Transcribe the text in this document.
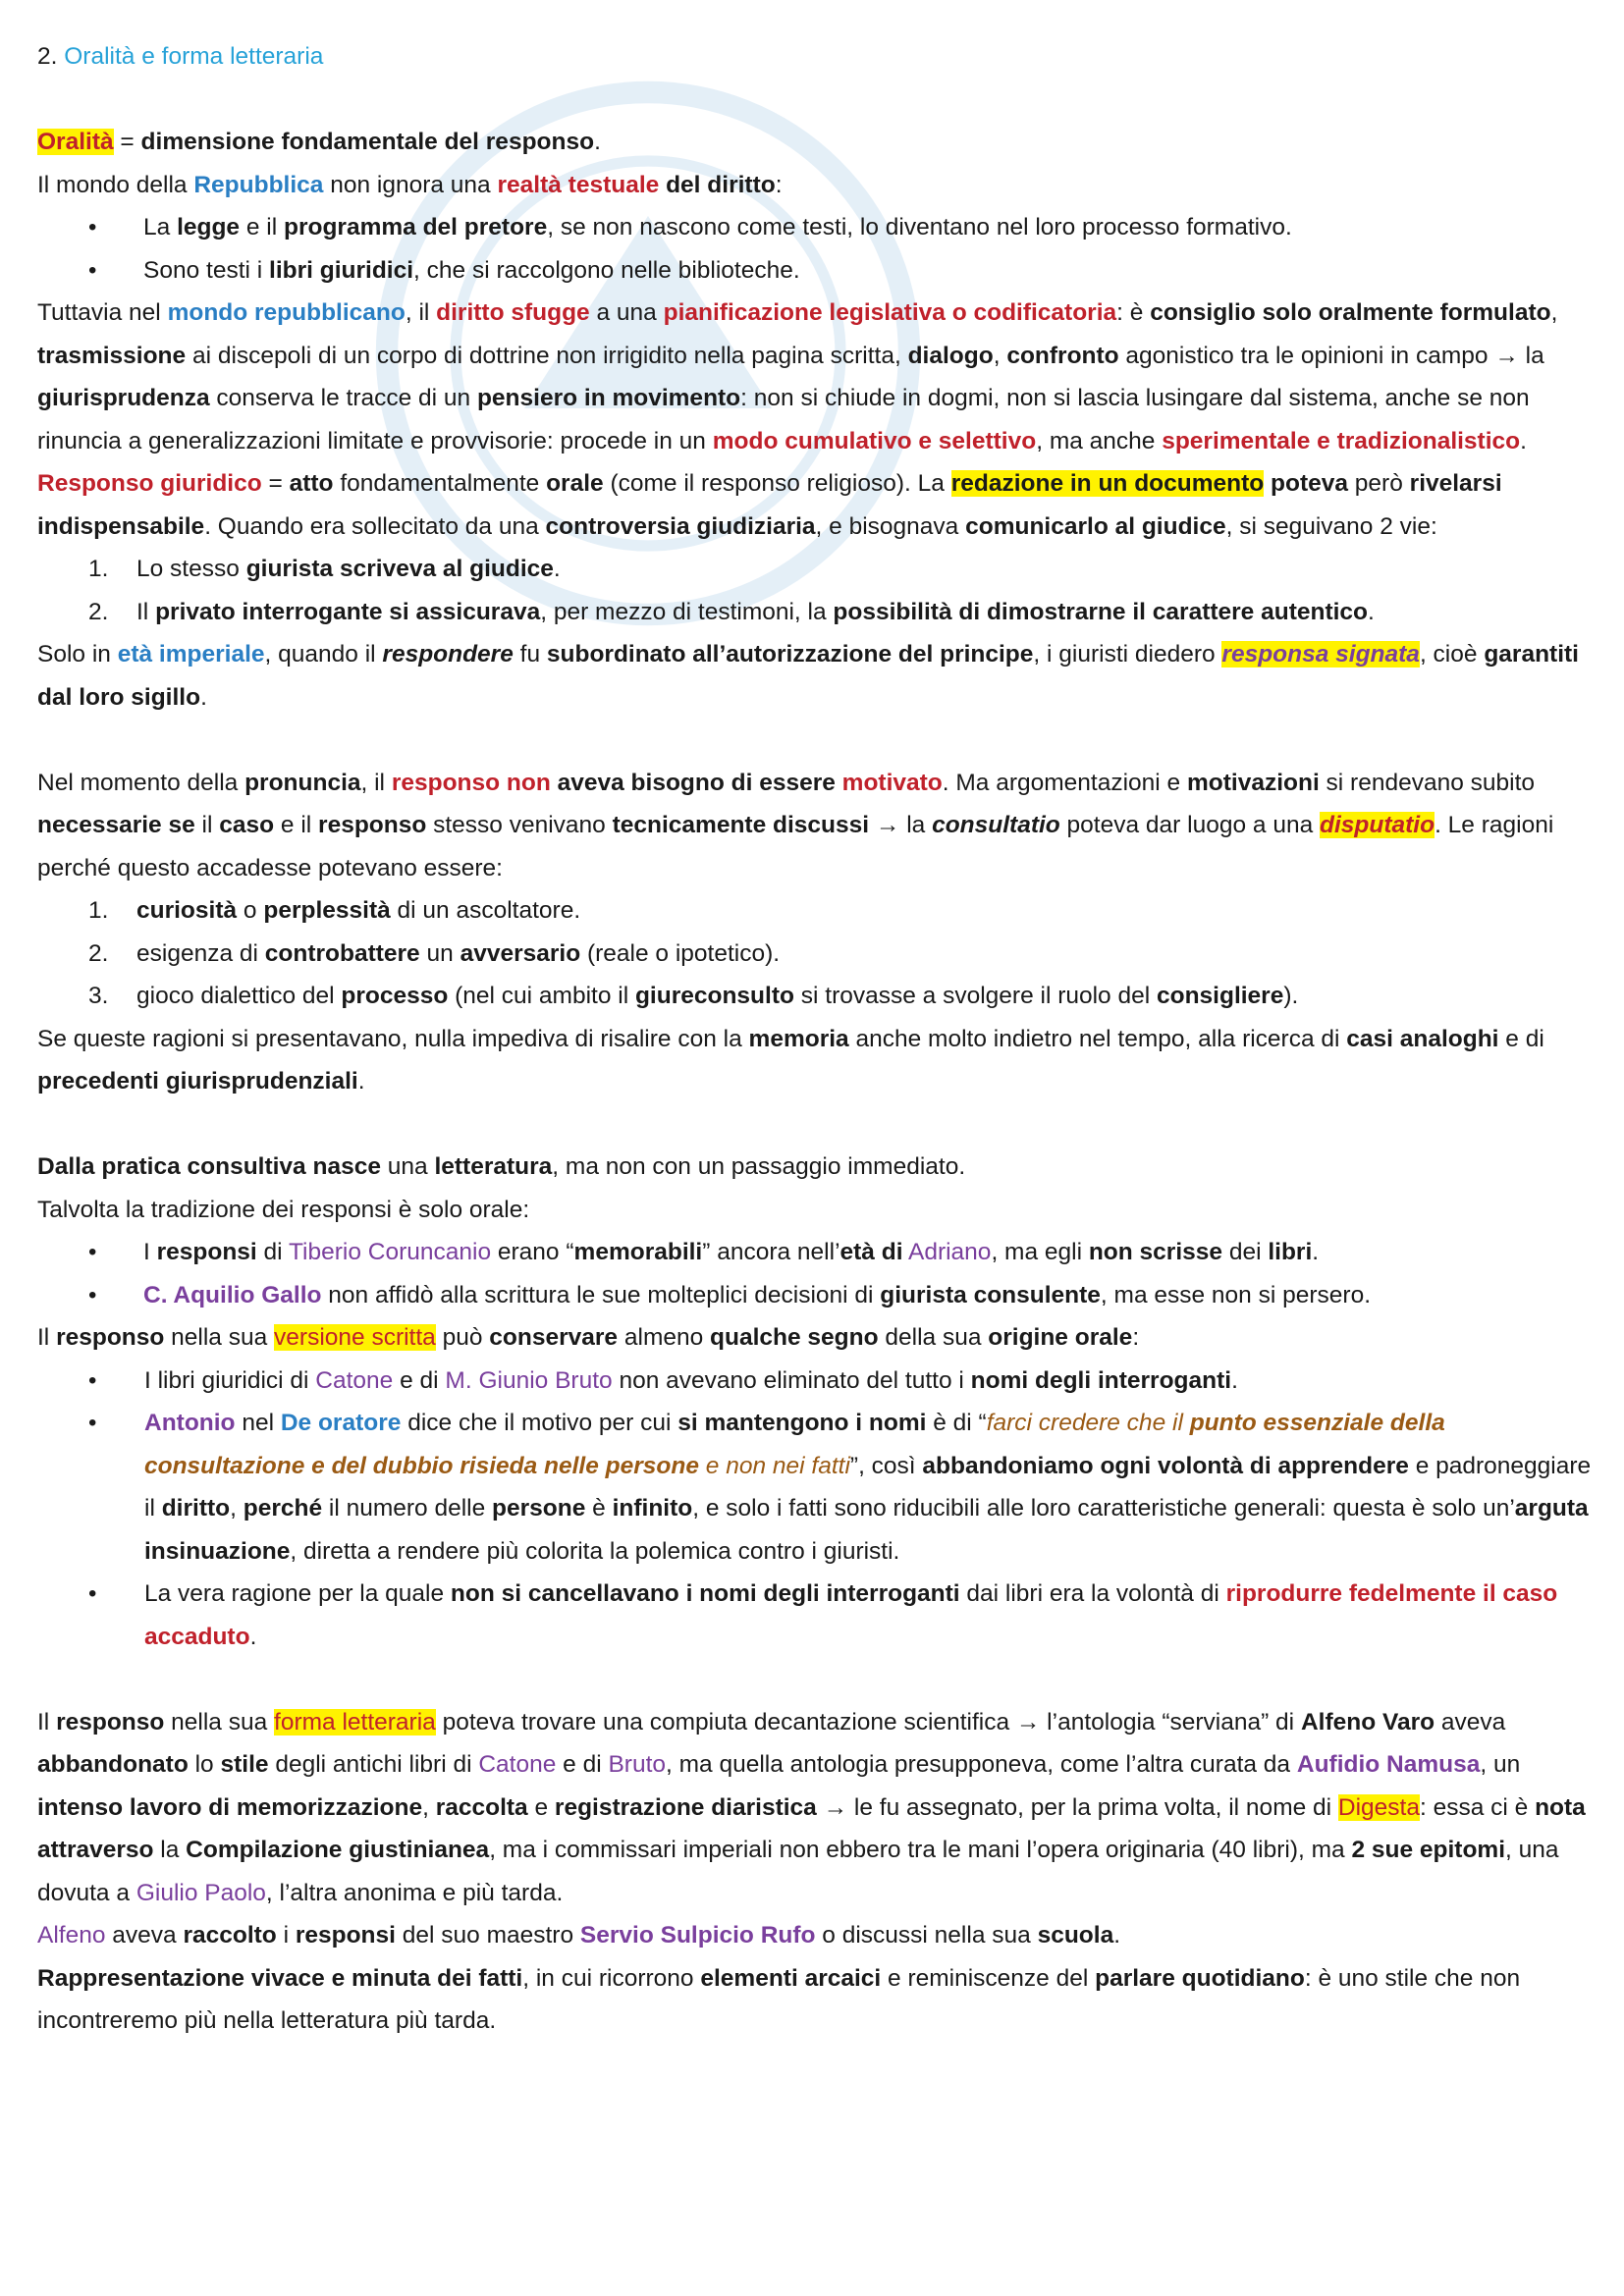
2. Oralità e forma letteraria

Oralità = dimensione fondamentale del responso.

Il mondo della Repubblica non ignora una realtà testuale del diritto:

• La legge e il programma del pretore, se non nascono come testi, lo diventano nel loro processo formativo.
• Sono testi i libri giuridici, che si raccolgono nelle biblioteche.

Tuttavia nel mondo repubblicano, il diritto sfugge a una pianificazione legislativa o codificatoria: è consiglio solo oralmente formulato, trasmissione ai discepoli di un corpo di dottrine non irrigidito nella pagina scritta, dialogo, confronto agonistico tra le opinioni in campo → la giurisprudenza conserva le tracce di un pensiero in movimento: non si chiude in dogmi, non si lascia lusingare dal sistema, anche se non rinuncia a generalizzazioni limitate e provvisorie: procede in un modo cumulativo e selettivo, ma anche sperimentale e tradizionalistico.

Responso giuridico = atto fondamentalmente orale (come il responso religioso). La redazione in un documento poteva però rivelarsi indispensabile. Quando era sollecitato da una controversia giudiziaria, e bisognava comunicarlo al giudice, si seguivano 2 vie:

1. Lo stesso giurista scriveva al giudice.
2. Il privato interrogante si assicurava, per mezzo di testimoni, la possibilità di dimostrarne il carattere autentico.

Solo in età imperiale, quando il respondere fu subordinato all’autorizzazione del principe, i giuristi diedero responsa signata, cioè garantiti dal loro sigillo.

Nel momento della pronuncia, il responso non aveva bisogno di essere motivato. Ma argomentazioni e motivazioni si rendevano subito necessarie se il caso e il responso stesso venivano tecnicamente discussi → la consultatio poteva dar luogo a una disputatio. Le ragioni perché questo accadesse potevano essere:

1. curiosità o perplessità di un ascoltatore.
2. esigenza di controbattere un avversario (reale o ipotetico).
3. gioco dialettico del processo (nel cui ambito il giureconsulto si trovasse a svolgere il ruolo del consigliere).

Se queste ragioni si presentavano, nulla impediva di risalire con la memoria anche molto indietro nel tempo, alla ricerca di casi analoghi e di precedenti giurisprudenziali.

Dalla pratica consultiva nasce una letteratura, ma non con un passaggio immediato.

Talvolta la tradizione dei responsi è solo orale:

• I responsi di Tiberio Coruncanio erano “memorabili” ancora nell’età di Adriano, ma egli non scrisse dei libri.
• C. Aquilio Gallo non affidò alla scrittura le sue molteplici decisioni di giurista consulente, ma esse non si persero.

Il responso nella sua versione scritta può conservare almeno qualche segno della sua origine orale:

• I libri giuridici di Catone e di M. Giunio Bruto non avevano eliminato del tutto i nomi degli interroganti.
• Antonio nel De oratore dice che il motivo per cui si mantengono i nomi è di “farci credere che il punto essenziale della consultazione e del dubbio risieda nelle persone e non nei fatti”, così abbandoniamo ogni volontà di apprendere e padroneggiare il diritto, perché il numero delle persone è infinito, e solo i fatti sono riducibili alle loro caratteristiche generali: questa è solo un’arguta insinuazione, diretta a rendere più colorita la polemica contro i giuristi.
• La vera ragione per la quale non si cancellavano i nomi degli interroganti dai libri era la volontà di riprodurre fedelmente il caso accaduto.

Il responso nella sua forma letteraria poteva trovare una compiuta decantazione scientifica → l’antologia “serviana” di Alfeno Varo aveva abbandonato lo stile degli antichi libri di Catone e di Bruto, ma quella antologia presupponeva, come l’altra curata da Aufidio Namusa, un intenso lavoro di memorizzazione, raccolta e registrazione diaristica → le fu assegnato, per la prima volta, il nome di Digesta: essa ci è nota attraverso la Compilazione giustinianea, ma i commissari imperiali non ebbero tra le mani l’opera originaria (40 libri), ma 2 sue epitomi, una dovuta a Giulio Paolo, l’altra anonima e più tarda.

Alfeno aveva raccolto i responsi del suo maestro Servio Sulpicio Rufo o discussi nella sua scuola.

Rappresentazione vivace e minuta dei fatti, in cui ricorrono elementi arcaici e reminiscenze del parlare quotidiano: è uno stile che non incontreremo più nella letteratura più tarda.
